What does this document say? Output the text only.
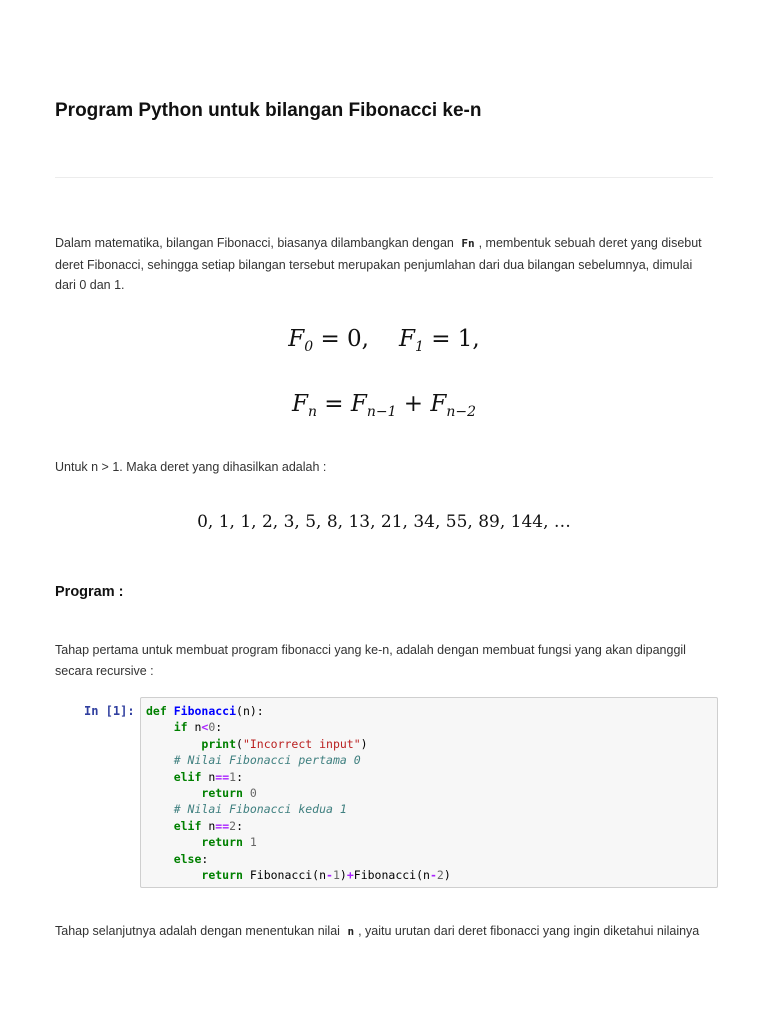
Program Python untuk bilangan Fibonacci ke-n

Dalam matematika, bilangan Fibonacci, biasanya dilambangkan dengan Fn , membentuk sebuah deret yang disebut deret Fibonacci, sehingga setiap bilangan tersebut merupakan penjumlahan dari dua bilangan sebelumnya, dimulai dari 0 dan 1.

$F_0 = 0$, $F_1 = 1$,
$F_n = F_{n-1} + F_{n-2}$

Untuk n > 1. Maka deret yang dihasilkan adalah :

0, 1, 1, 2, 3, 5, 8, 13, 21, 34, 55, 89, 144, …
Program :

Tahap pertama untuk membuat program fibonacci yang ke-n, adalah dengan membuat fungsi yang akan dipanggil secara recursive :

In [1]: def Fibonacci(n):
if n<0:
print("Incorrect input")
# Nilai Fibonacci pertama 0
elif n==1:
return 0
# Nilai Fibonacci kedua 1
elif n==2:
return 1
else:
return Fibonacci(n-1)+Fibonacci(n-2)

Tahap selanjutnya adalah dengan menentukan nilai n , yaitu urutan dari deret fibonacci yang ingin diketahui nilainya
